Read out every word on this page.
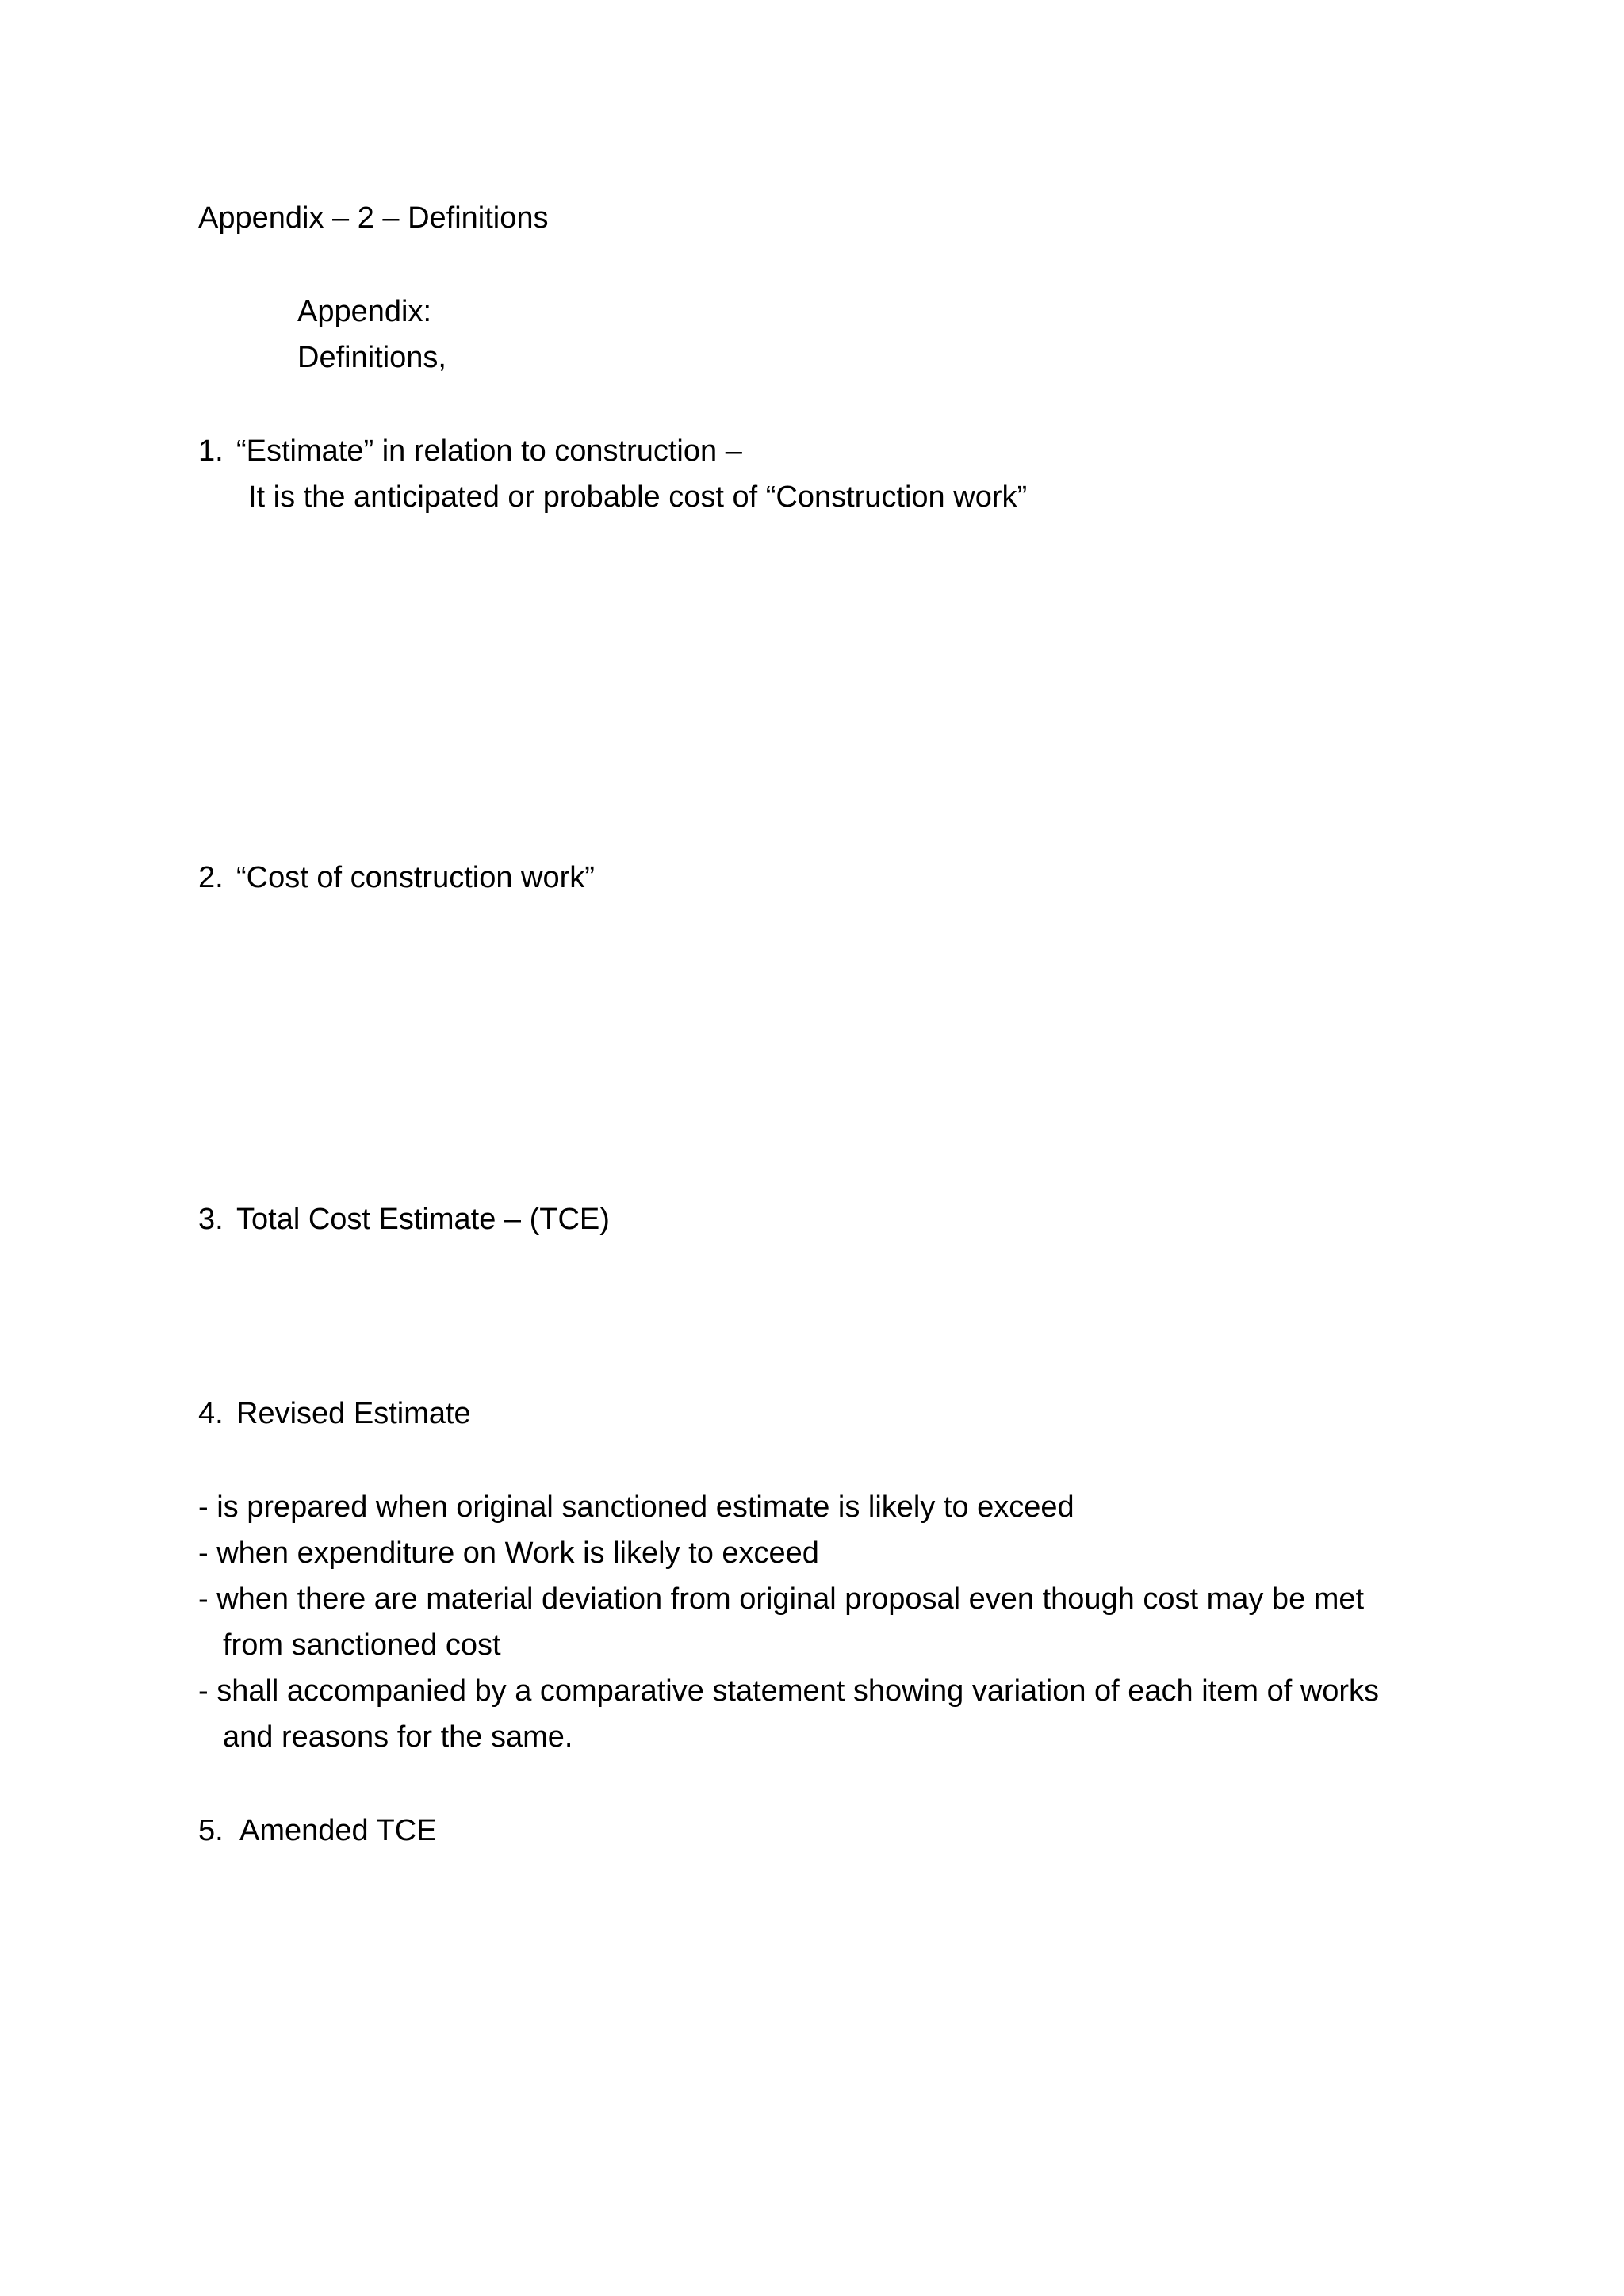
Appendix – 2 – Definitions
Appendix:
Definitions,
1. “Estimate” in relation to construction –
It is the anticipated or probable cost of “Construction work”
2. “Cost of construction work”
3. Total Cost Estimate – (TCE)
4. Revised Estimate
- is prepared when original sanctioned estimate is likely to exceed
- when expenditure on Work is likely to exceed
- when there are material deviation from original proposal even though cost may be met
from sanctioned cost
- shall accompanied by a comparative statement showing variation of each item of works
and reasons for the same.
5. Amended TCE
